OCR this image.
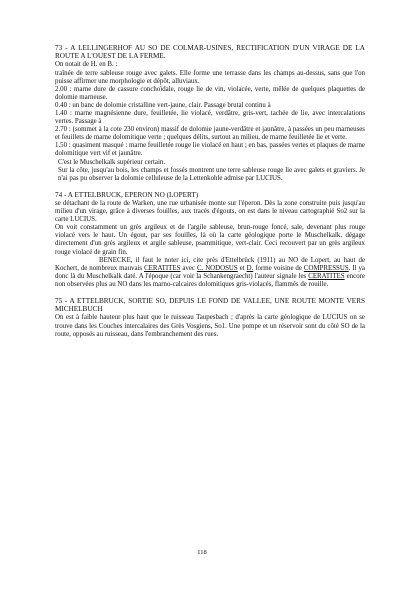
73 - A LELLINGERHOF AU SO DE COLMAR-USINES, RECTIFICATION D'UN VIRAGE DE LA ROUTE A L'OUEST DE LA FERME.

On notait de H. en B. :

traînée de terre sableuse rouge avec galets. Elle forme une terrasse dans les champs au-dessus, sans que l'on puisse affirmer une morphologie et dépôt, alluviaux.

2.00 : marne dure de cassure conchoïdale, rouge lie de vin, violacée, verte, mêlée de quelques plaquettes de dolomie marneuse.

0.40 : un banc de dolomie cristalline vert-jaune, clair. Passage brutal continu à

1.40 : marne magnésienne dure, feuilletée, lie violacé, verdâtre, gris-vert, tachée de lie, avec intercalations vertes. Passage à

2.70 : (sommet à la cote 230 environ) massif de dolomie jaune-verdâtre et jaunâtre, à passées un peu marneuses et feuillets de marne dolomitique verte ; quelques délits, surtout au milieu, de marne feuilletée lie et verte.

1.50 : quasiment masqué : marne feuilletée rouge lie violacé en haut ; en bas, passées vertes et plaques de marne dolomitique vert vif et jaunâtre.

C'est le Muschelkalk supérieur certain.

Sur la côte, jusqu'au bois, les champs et fossés montrent une terre sableuse rouge lie avec galets et graviers. Je n'ai pas pu observer la dolomie celluleuse de la Lettenkohle admise par LUCIUS.

74 - A ETTELBRUCK, EPERON NO (LOPERT)

se détachant de la route de Warken, une rue urbanisée monte sur l'éperon. Dès la zone construite puis jusqu'au milieu d'un virage, grâce à diverses fouilles, aux tracés d'égouts, on est dans le niveau cartographié So2 sur la carte LUCIUS.

On voit constamment un grès argileux et de l'argile sableuse, brun-rouge foncé, sale, devenant plus rouge violacé vers le haut. Un égout, par ses fouilles, là où la carte géologique porte le Muschelkalk, dégage directement d'un grès argileux et argile sableuse, psammitique, vert-clair. Ceci recouvert par un grès argileux rouge violacé de grain fin.

BENECKE, il faut le noter ici, cite près d'Ettelbrück (1911) au NO de Lopert, au haut de Kochert, de nombreux mauvais CERATITES avec C. NODOSUS et D. forme voisine de COMPRESSUS. Il ya donc là du Muschelkalk daté. A l'époque (car voir la Schankengraecht) l'auteur signale les CERATITES encore non observées plus au NO dans les marno-calcaires dolomitiques gris-violacés, flammés de rouille.

75 - A ETTELBRUCK, SORTIE SO, DEPUIS LE FOND DE VALLEE, UNE ROUTE MONTE VERS MICHELBUCH

On est à faible hauteur plus haut que le ruisseau Taupesbach ; d'après la carte géologique de LUCIUS on se trouve dans les Couches intercalaires des Grès Vosgiens, So1. Une pompe et un réservoir sont du côté SO de la route, opposés au ruisseau, dans l'embranchement des rues.

118
